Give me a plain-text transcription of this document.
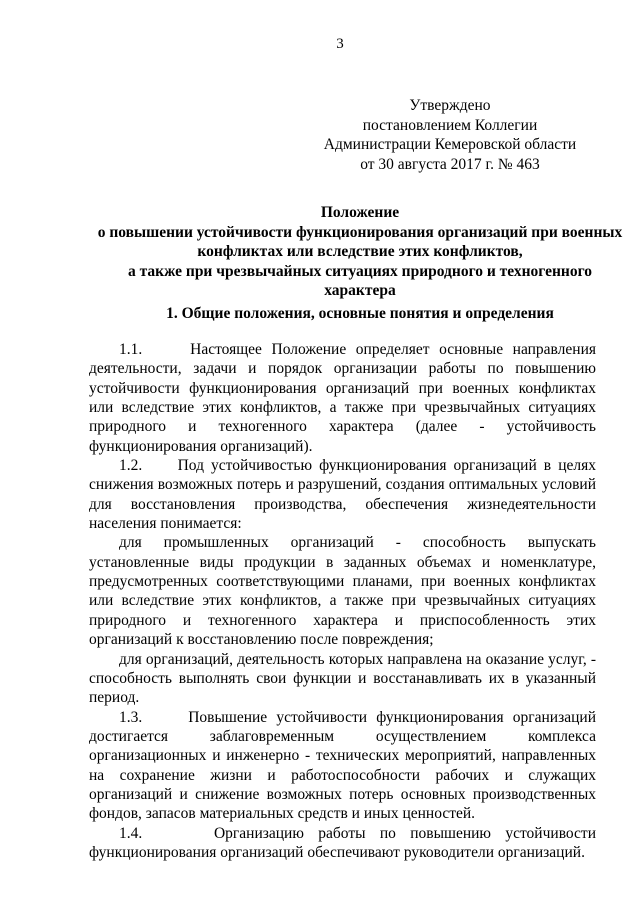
3
Утверждено
постановлением Коллегии
Администрации Кемеровской области
от 30 августа 2017 г. № 463
Положение
о повышении устойчивости функционирования организаций при военных
конфликтах или вследствие этих конфликтов,
а также при чрезвычайных ситуациях природного и техногенного
характера
1. Общие положения, основные понятия и определения

1.1.     Настоящее Положение определяет основные направления деятельности, задачи и порядок организации работы по повышению устойчивости функционирования организаций при военных конфликтах или вследствие этих конфликтов, а также при чрезвычайных ситуациях природного и техногенного характера (далее - устойчивость функционирования организаций).

1.2.     Под устойчивостью функционирования организаций в целях снижения возможных потерь и разрушений, создания оптимальных условий для восстановления производства, обеспечения жизнедеятельности населения понимается:

для промышленных организаций - способность выпускать установленные виды продукции в заданных объемах и номенклатуре, предусмотренных соответствующими планами, при военных конфликтах или вследствие этих конфликтов, а также при чрезвычайных ситуациях природного и техногенного характера и приспособленность этих организаций к восстановлению после повреждения;

для организаций, деятельность которых направлена на оказание услуг, - способность выполнять свои функции и восстанавливать их в указанный период.

1.3.     Повышение устойчивости функционирования организаций достигается заблаговременным осуществлением комплекса организационных и инженерно - технических мероприятий, направленных на сохранение жизни и работоспособности рабочих и служащих организаций и снижение возможных потерь основных производственных фондов, запасов материальных средств и иных ценностей.

1.4.     Организацию работы по повышению устойчивости функционирования организаций обеспечивают руководители организаций.
